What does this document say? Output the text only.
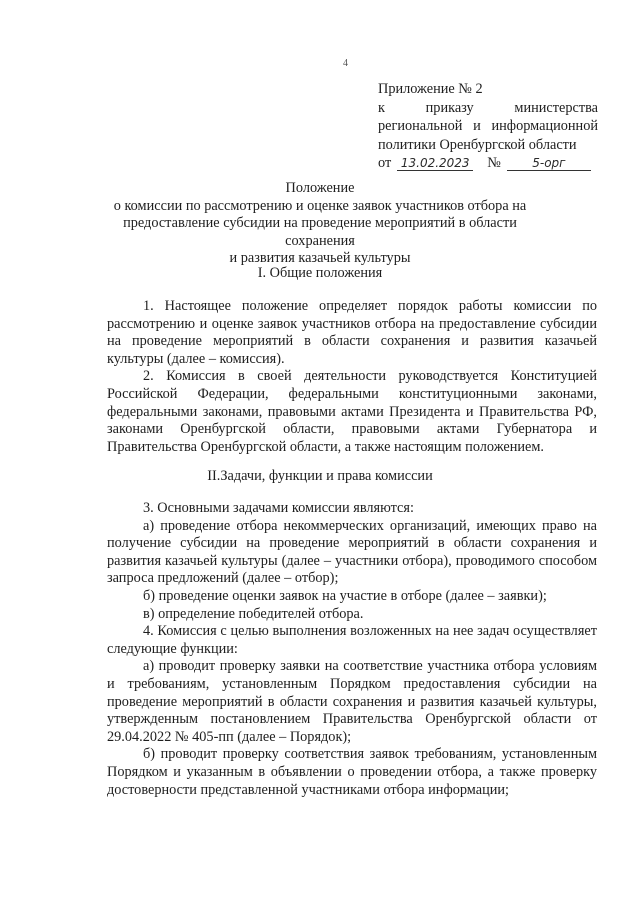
4
Приложение № 2
к приказу министерства
региональной и информационной
политики Оренбургской области
от 13.02.2023 №	5-орг
Положение
о комиссии по рассмотрению и оценке заявок участников отбора на
предоставление субсидии на проведение мероприятий в области сохранения
и развития казачьей культуры
I. Общие положения

1. Настоящее положение определяет порядок работы комиссии по рассмотрению и оценке заявок участников отбора на предоставление субсидии на проведение мероприятий в области сохранения и развития казачьей культуры (далее – комиссия).

2. Комиссия в своей деятельности руководствуется Конституцией Российской Федерации, федеральными конституционными законами, федеральными законами, правовыми актами Президента и Правительства РФ, законами Оренбургской области, правовыми актами Губернатора и Правительства Оренбургской области, а также настоящим положением.

II.Задачи, функции и права комиссии

3. Основными задачами комиссии являются:

а) проведение отбора некоммерческих организаций, имеющих право на получение субсидии на проведение мероприятий в области сохранения и развития казачьей культуры (далее – участники отбора), проводимого способом запроса предложений (далее – отбор);

б) проведение оценки заявок на участие в отборе (далее – заявки);

в) определение победителей отбора.

4. Комиссия с целью выполнения возложенных на нее задач осуществляет следующие функции:

а) проводит проверку заявки на соответствие участника отбора условиям и требованиям, установленным Порядком предоставления субсидии на проведение мероприятий в области сохранения и развития казачьей культуры, утвержденным постановлением Правительства Оренбургской области от 29.04.2022 № 405-пп (далее – Порядок);

б) проводит проверку соответствия заявок требованиям, установленным Порядком и указанным в объявлении о проведении отбора, а также проверку достоверности представленной участниками отбора информации;
